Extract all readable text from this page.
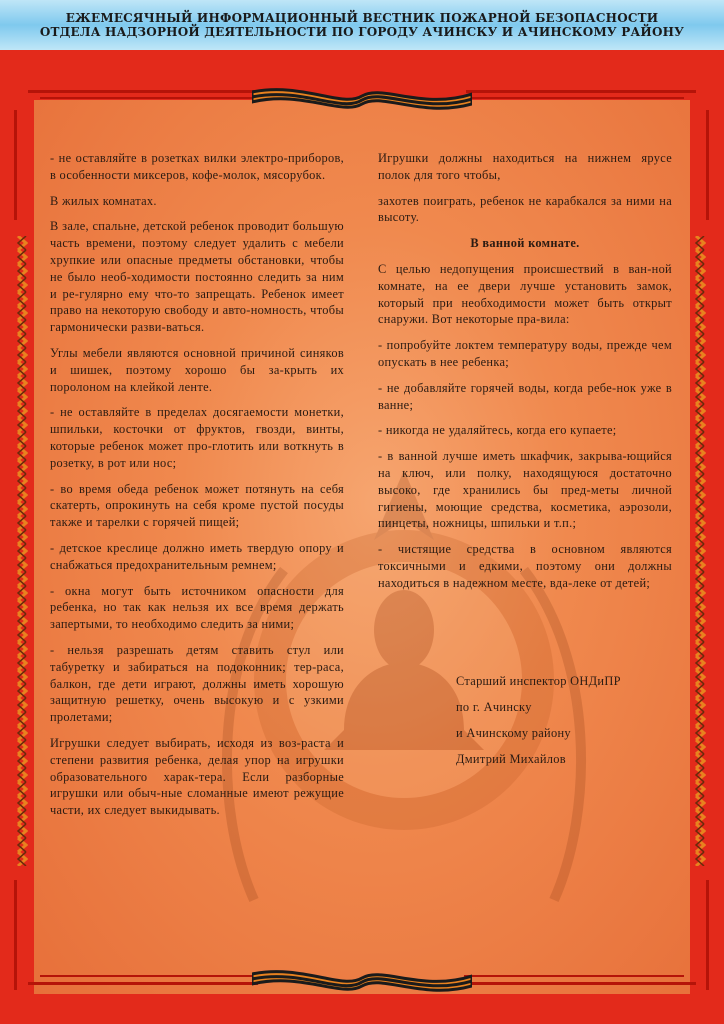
ЕЖЕМЕСЯЧНЫЙ ИНФОРМАЦИОННЫЙ ВЕСТНИК ПОЖАРНОЙ БЕЗОПАСНОСТИ
ОТДЕЛА НАДЗОРНОЙ ДЕЯТЕЛЬНОСТИ ПО ГОРОДУ АЧИНСКУ И АЧИНСКОМУ РАЙОНУ

- не оставляйте в розетках вилки электро-приборов, в особенности миксеров, кофе-молок, мясорубок.

В жилых комнатах.

В зале, спальне, детской ребенок проводит большую часть времени, поэтому следует удалить с мебели хрупкие или опасные предметы обстановки, чтобы не было необ-ходимости постоянно следить за ним и ре-гулярно ему что-то запрещать. Ребенок имеет право на некоторую свободу и авто-номность, чтобы гармонически разви-ваться.

Углы мебели являются основной причиной синяков и шишек, поэтому хорошо бы за-крыть их поролоном на клейкой ленте.

- не оставляйте в пределах досягаемости монетки, шпильки, косточки от фруктов, гвозди, винты, которые ребенок может про-глотить или воткнуть в розетку, в рот или нос;

- во время обеда ребенок может потянуть на себя скатерть, опрокинуть на себя кроме пустой посуды также и тарелки с горячей пищей;

- детское креслице должно иметь твердую опору и снабжаться предохранительным ремнем;

- окна могут быть источником опасности для ребенка, но так как нельзя их все время держать запертыми, то необходимо следить за ними;

- нельзя разрешать детям ставить стул или табуретку и забираться на подоконник; тер-раса, балкон, где дети играют, должны иметь хорошую защитную решетку, очень высокую и с узкими пролетами;

Игрушки следует выбирать, исходя из воз-раста и степени развития ребенка, делая упор на игрушки образовательного харак-тера. Если разборные игрушки или обыч-ные сломанные имеют режущие части, их следует выкидывать.

Игрушки должны находиться на нижнем ярусе полок для того чтобы,

захотев поиграть, ребенок не карабкался за ними на высоту.

В ванной комнате.

С целью недопущения происшествий в ван-ной комнате, на ее двери лучше установить замок, который при необходимости может быть открыт снаружи. Вот некоторые пра-вила:

- попробуйте локтем температуру воды, прежде чем опускать в нее ребенка;

- не добавляйте горячей воды, когда ребе-нок уже в ванне;

- никогда не удаляйтесь, когда его купаете;

- в ванной лучше иметь шкафчик, закрыва-ющийся на ключ, или полку, находящуюся достаточно высоко, где хранились бы пред-меты личной гигиены, моющие средства, косметика, аэрозоли, пинцеты, ножницы, шпильки и т.п.;

- чистящие средства в основном являются токсичными и едкими, поэтому они должны находиться в надежном месте, вда-леке от детей;

Старший инспектор ОНДиПР
по г. Ачинску
и Ачинскому району
Дмитрий Михайлов
